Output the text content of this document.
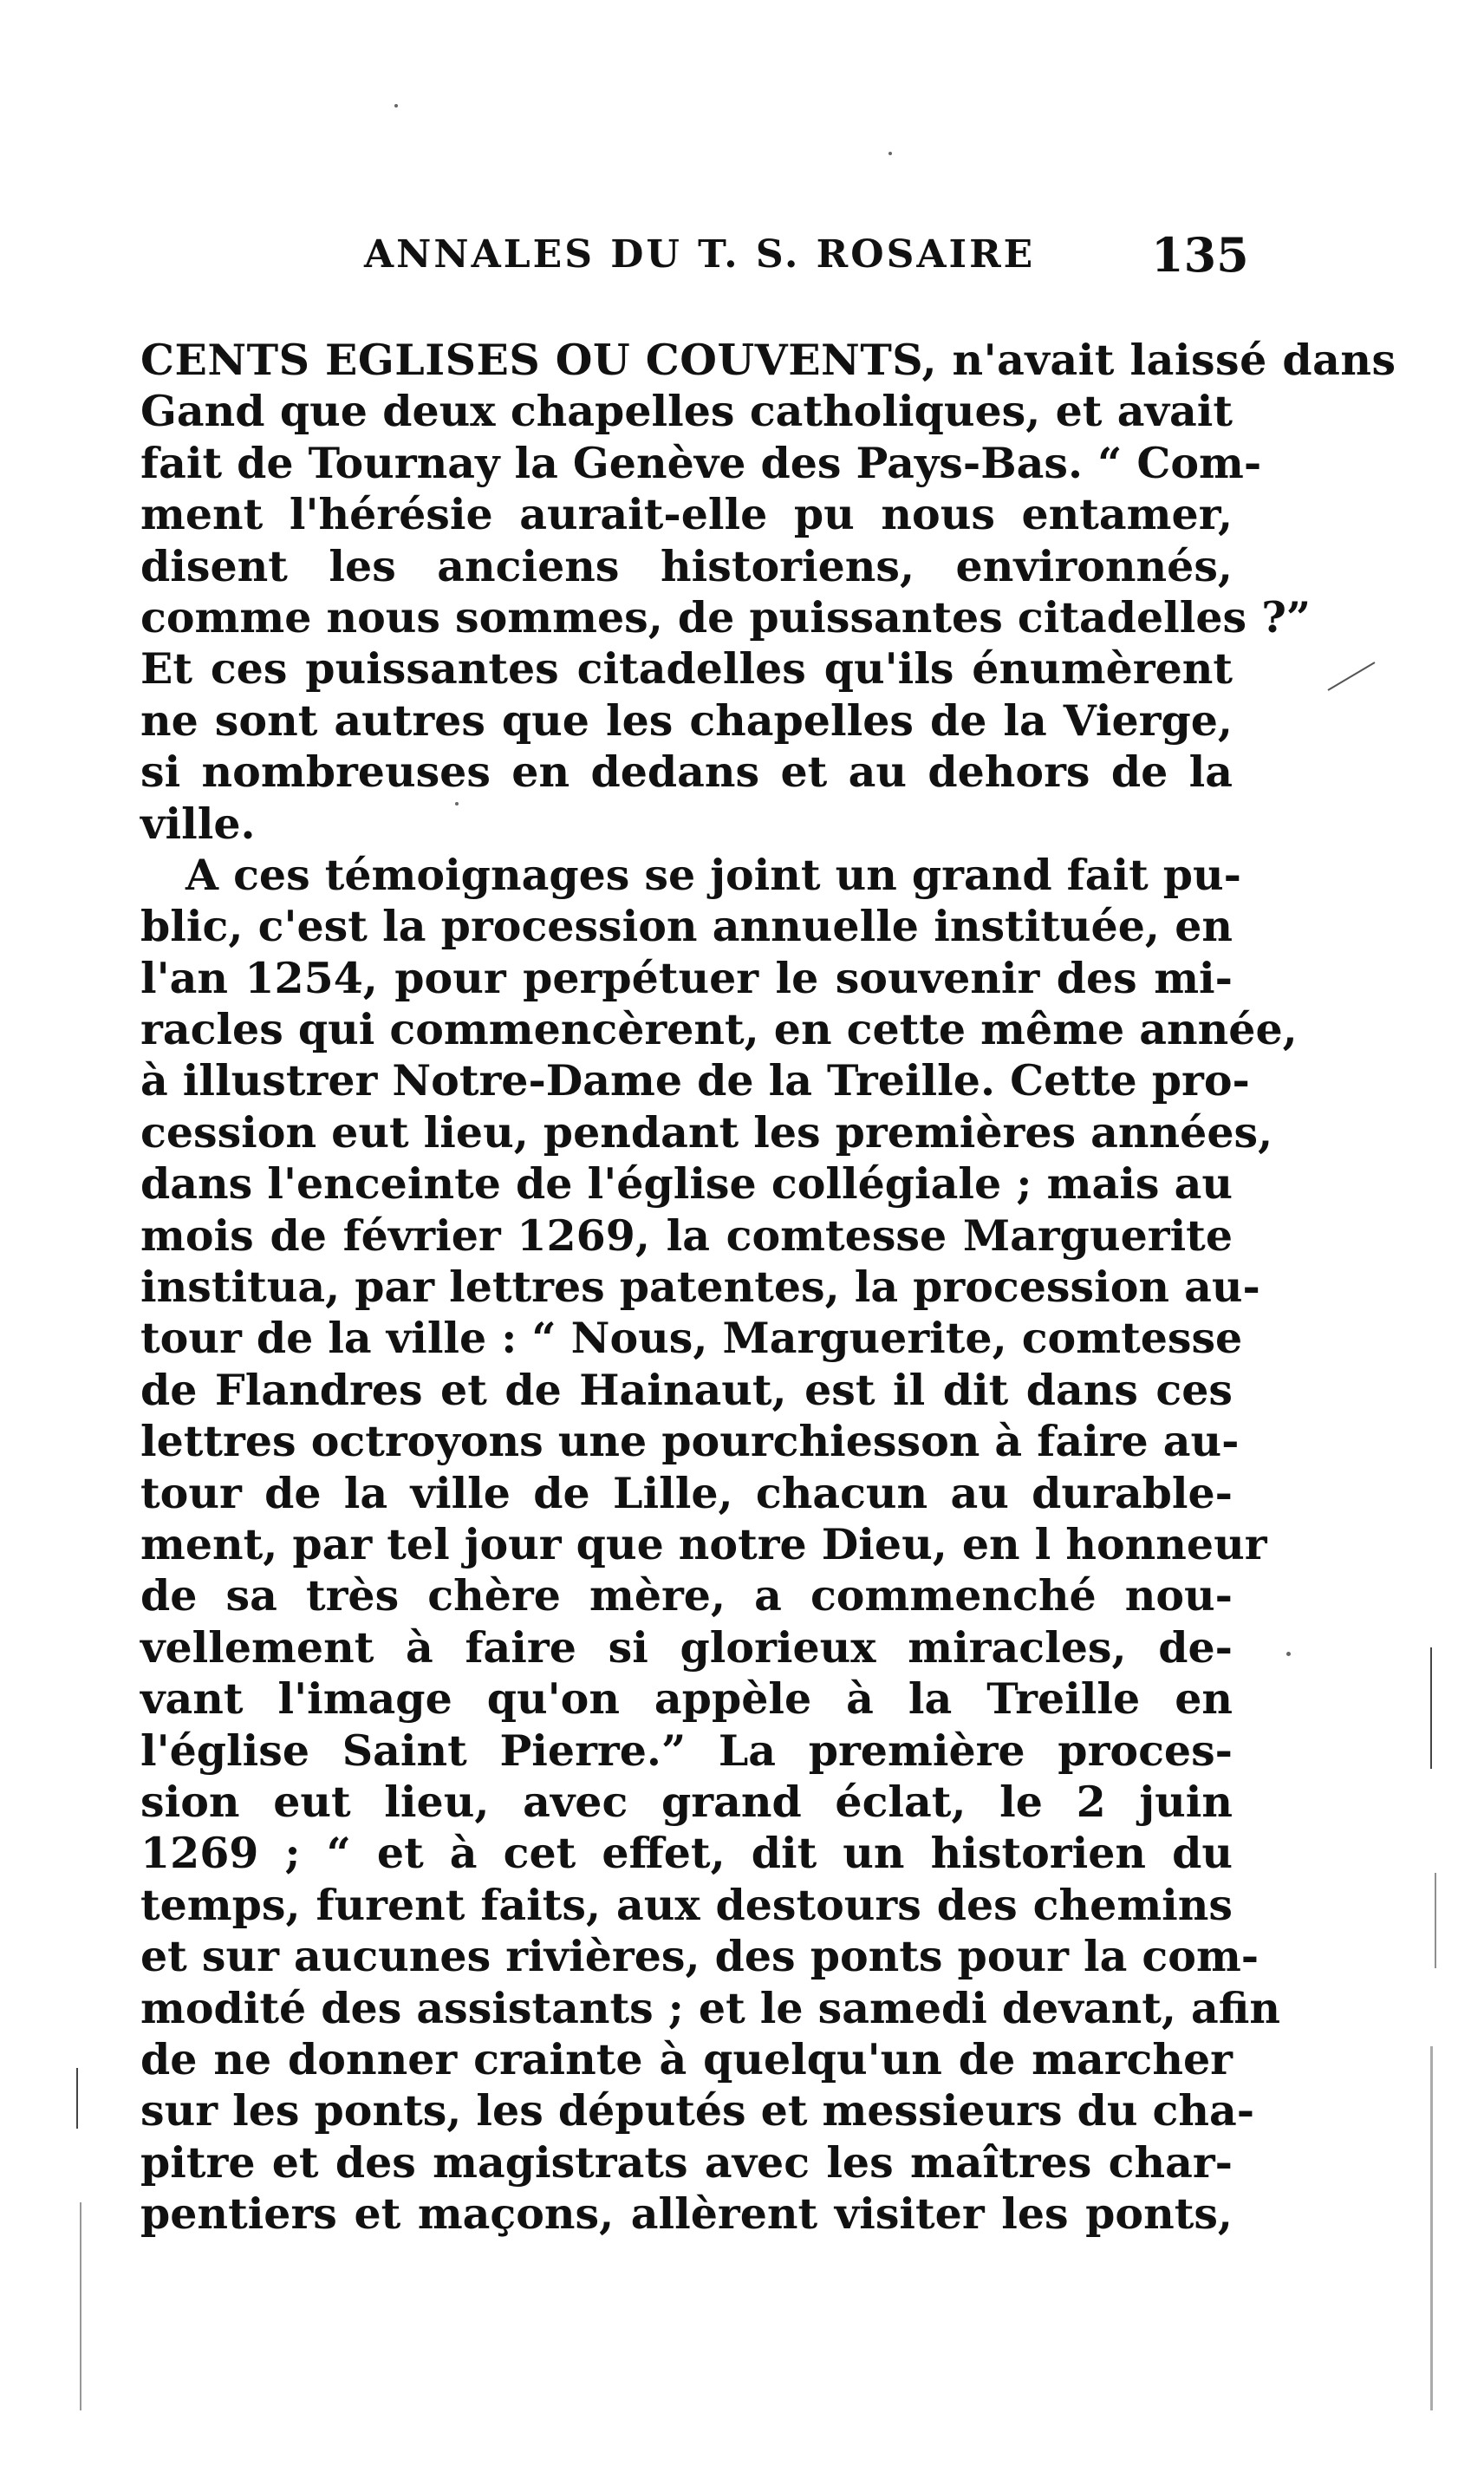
ANNALES DU T. S. ROSAIRE 135
CENTS EGLISES OU COUVENTS, n'avait laissé dans
Gand que deux chapelles catholiques, et avait
fait de Tournay la Genève des Pays-Bas. “ Com-
ment l'hérésie aurait-elle pu nous entamer,
disent les anciens historiens, environnés,
comme nous sommes, de puissantes citadelles ?”
Et ces puissantes citadelles qu'ils énumèrent
ne sont autres que les chapelles de la Vierge,
si nombreuses en dedans et au dehors de la
ville.
A ces témoignages se joint un grand fait pu-
blic, c'est la procession annuelle instituée, en
l'an 1254, pour perpétuer le souvenir des mi-
racles qui commencèrent, en cette même année,
à illustrer Notre-Dame de la Treille. Cette pro-
cession eut lieu, pendant les premières années,
dans l'enceinte de l'église collégiale ; mais au
mois de février 1269, la comtesse Marguerite
institua, par lettres patentes, la procession au-
tour de la ville : “ Nous, Marguerite, comtesse
de Flandres et de Hainaut, est il dit dans ces
lettres octroyons une pourchiesson à faire au-
tour de la ville de Lille, chacun au durable-
ment, par tel jour que notre Dieu, en l honneur
de sa très chère mère, a commenché nou-
vellement à faire si glorieux miracles, de-
vant l'image qu'on appèle à la Treille en
l'église Saint Pierre.” La première proces-
sion eut lieu, avec grand éclat, le 2 juin
1269 ; “ et à cet effet, dit un historien du
temps, furent faits, aux destours des chemins
et sur aucunes rivières, des ponts pour la com-
modité des assistants ; et le samedi devant, afin
de ne donner crainte à quelqu'un de marcher
sur les ponts, les députés et messieurs du cha-
pitre et des magistrats avec les maîtres char-
pentiers et maçons, allèrent visiter les ponts,
